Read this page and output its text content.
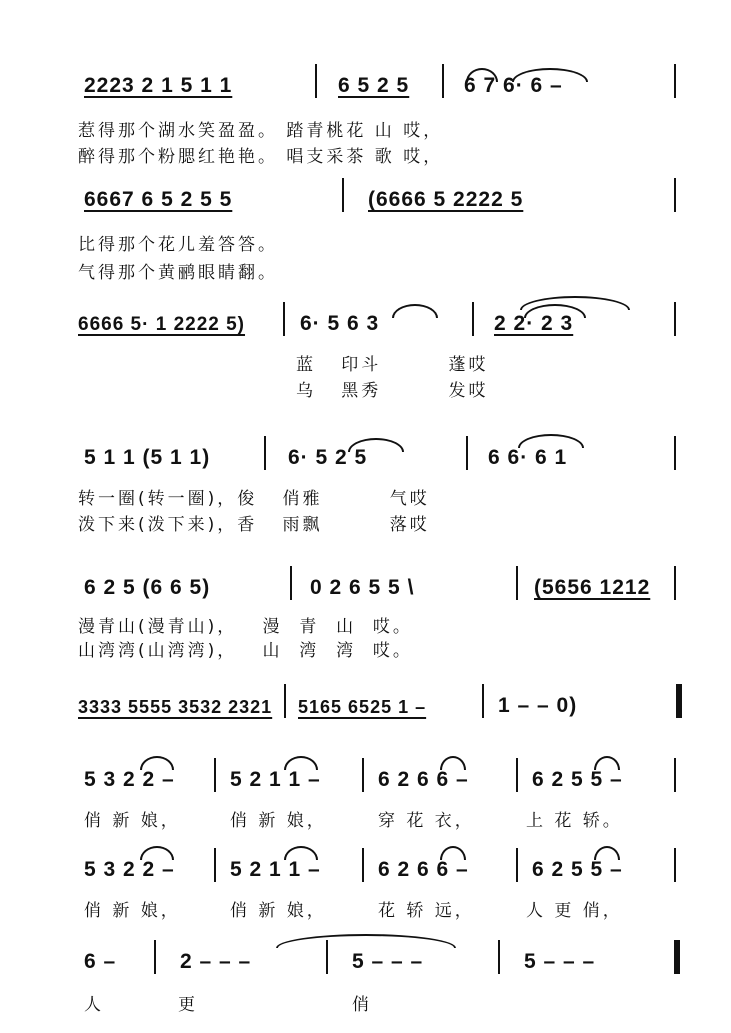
2223 2 1 5 1 1	6 5 2 5	6 7 6· 6 –
惹得那个湖水笑盈盈。 踏青桃花 山 哎，
醉得那个粉腮红艳艳。 唱支采茶 歌 哎，
6667 6 5 2 5 5	(6666 5 2222 5
比得那个花儿羞答答。
气得那个黄鹂眼睛翻。
6666 5· 1 2222 5)	6· 5 6 3	2 2· 2 3
蓝   印斗        蓬哎
乌   黑秀        发哎
5 1 1 (5 1 1)	6· 5 2 5	6 6· 6 1
转一圈(转一圈)，俊   俏雅        气哎
泼下来(泼下来)，香   雨飘        落哎
6 2 5 (6 6 5)	0 2 6 5 5 \	(5656 1212
漫青山(漫青山)，   漫  青  山  哎。
山湾湾(山湾湾)，   山  湾  湾  哎。
3333 5555 3532 2321 5165 6525 1 –	1 – – 0)
5 3 2 2 –	5 2 1 1 –	6 2 6 6 –	6 2 5 5 –
俏 新 娘，	俏 新 娘，	穿 花 衣，	上 花 轿。
5 3 2 2 –	5 2 1 1 –	6 2 6 6 –	6 2 5 5 –
俏 新 娘，	俏 新 娘，	花 轿 远，	人 更 俏，
6 –	2 – – –	5 – – –	5 – – –
人	更	俏
